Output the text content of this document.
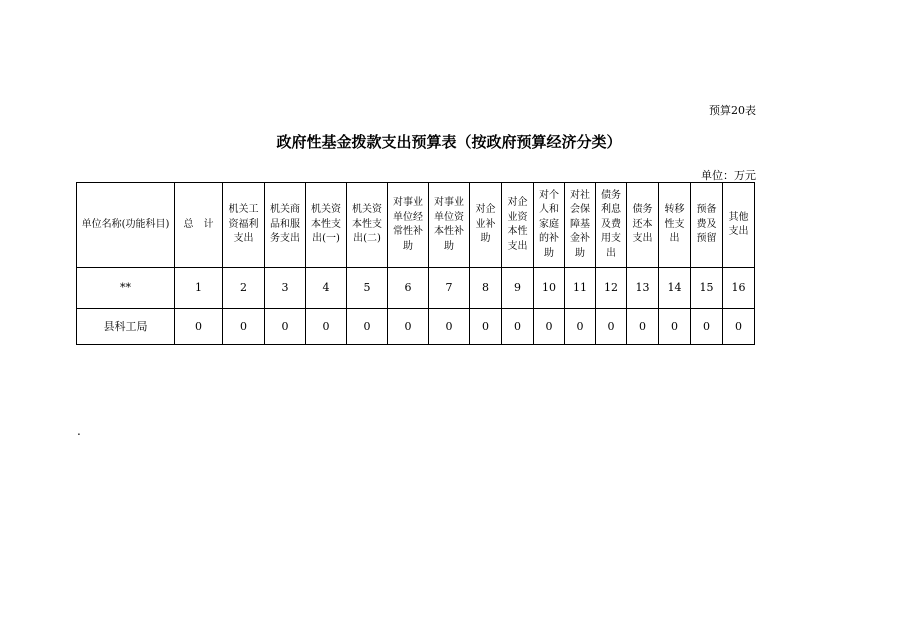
预算20表
政府性基金拨款支出预算表（按政府预算经济分类）
单位：万元
单位名称(功能科目)	总　计	机关工资福利支出	机关商品和服务支出	机关资本性支出(一)	机关资本性支出(二)	对事业单位经常性补助	对事业单位资本性补助	对企业补助	对企业资本性支出	对个人和家庭的补助	对社会保障基金补助	债务利息及费用支出	债务还本支出	转移性支出	预备费及预留	其他支出
**	1	2	3	4	5	6	7	8	9	10	11	12	13	14	15	16
县科工局	0	0	0	0	0	0	0	0	0	0	0	0	0	0	0	0
.
